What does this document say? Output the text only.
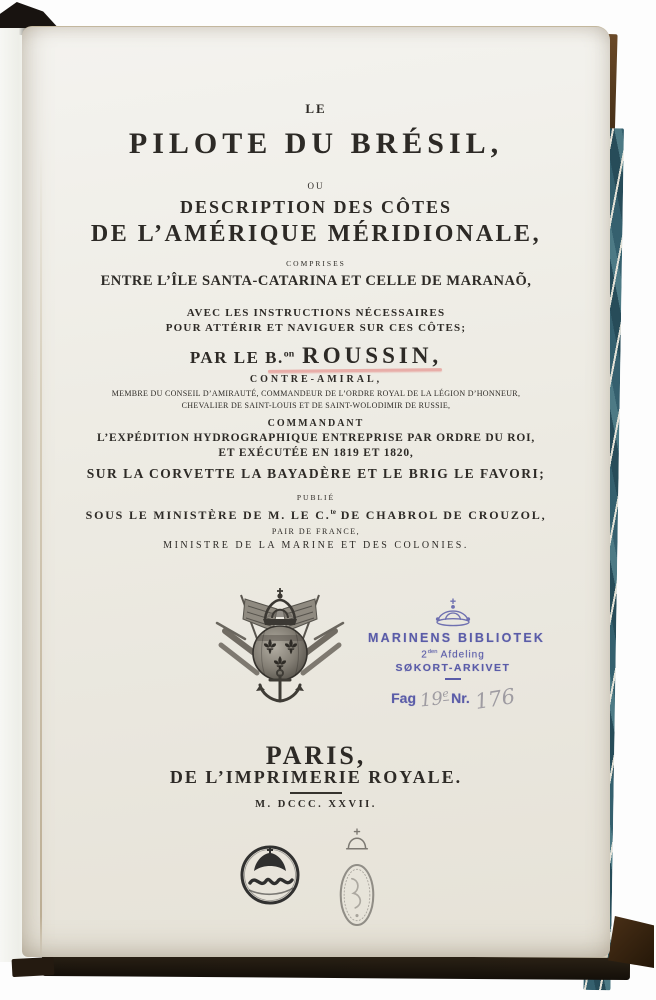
LE
PILOTE DU BRÉSIL,
OU
DESCRIPTION DES CÔTES
DE L’AMÉRIQUE MÉRIDIONALE,
COMPRISES
ENTRE L’ÎLE SANTA-CATARINA ET CELLE DE MARANAÕ,
AVEC LES INSTRUCTIONS NÉCESSAIRES
POUR ATTÉRIR ET NAVIGUER SUR CES CÔTES;
PAR LE B.$^{on}$ ROUSSIN,
CONTRE-AMIRAL,
MEMBRE DU CONSEIL D’AMIRAUTÉ, COMMANDEUR DE L’ORDRE ROYAL DE LA LÉGION D’HONNEUR,
CHEVALIER DE SAINT-LOUIS ET DE SAINT-WOLODIMIR DE RUSSIE,
COMMANDANT
L’EXPÉDITION HYDROGRAPHIQUE ENTREPRISE PAR ORDRE DU ROI,
ET EXÉCUTÉE EN 1819 ET 1820,
SUR LA CORVETTE LA BAYADÈRE ET LE BRIG LE FAVORI;
PUBLIÉ
SOUS LE MINISTÈRE DE M. LE C.$^{te}$ DE CHABROL DE CROUZOL,
PAIR DE FRANCE,
MINISTRE DE LA MARINE ET DES COLONIES.
MARINENS BIBLIOTEK
$2^{den}$ Afdeling
SØKORT-ARKIVET
Fag 19e Nr. 176
PARIS,
DE L’IMPRIMERIE ROYALE.
M. DCCC. XXVII.
